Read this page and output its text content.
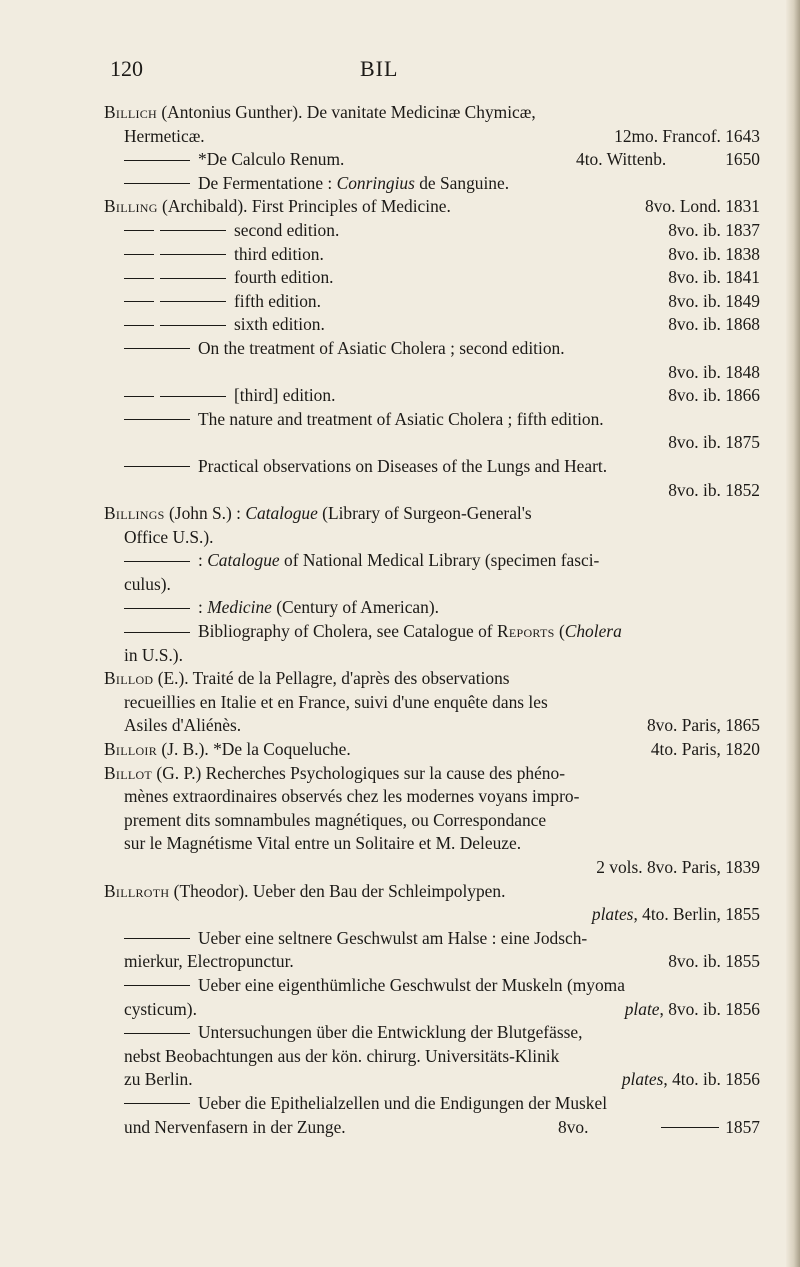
120	BIL
Billich (Antonius Gunther). De vanitate Medicinæ Chymicæ,
Hermeticæ.	12mo. Francof. 1643
*De Calculo Renum.	4to. Wittenb.	1650
De Fermentatione : Conringius de Sanguine.
Billing (Archibald). First Principles of Medicine.	8vo. Lond. 1831
second edition.	8vo. ib. 1837
third edition.	8vo. ib. 1838
fourth edition.	8vo. ib. 1841
fifth edition.	8vo. ib. 1849
sixth edition.	8vo. ib. 1868
On the treatment of Asiatic Cholera ; second edition.
8vo. ib. 1848
[third] edition.	8vo. ib. 1866
The nature and treatment of Asiatic Cholera ; fifth edition.
8vo. ib. 1875
Practical observations on Diseases of the Lungs and Heart.
8vo. ib. 1852
Billings (John S.) : Catalogue (Library of Surgeon-General's
Office U.S.).
: Catalogue of National Medical Library (specimen fasci-
culus).
: Medicine (Century of American).
Bibliography of Cholera, see Catalogue of Reports (Cholera
in U.S.).
Billod (E.). Traité de la Pellagre, d'après des observations
recueillies en Italie et en France, suivi d'une enquête dans les
Asiles d'Aliénès.	8vo. Paris, 1865
Billoir (J. B.). *De la Coqueluche.	4to. Paris, 1820
Billot (G. P.) Recherches Psychologiques sur la cause des phéno-
mènes extraordinaires observés chez les modernes voyans impro-
prement dits somnambules magnétiques, ou Correspondance
sur le Magnétisme Vital entre un Solitaire et M. Deleuze.
2 vols. 8vo. Paris, 1839
Billroth (Theodor). Ueber den Bau der Schleimpolypen.
plates, 4to. Berlin, 1855
Ueber eine seltnere Geschwulst am Halse : eine Jodsch-
mierkur, Electropunctur.	8vo. ib. 1855
Ueber eine eigenthümliche Geschwulst der Muskeln (myoma
cysticum).	plate, 8vo. ib. 1856
Untersuchungen über die Entwicklung der Blutgefässe,
nebst Beobachtungen aus der kön. chirurg. Universitäts-Klinik
zu Berlin.	plates, 4to. ib. 1856
Ueber die Epithelialzellen und die Endigungen der Muskel
und Nervenfasern in der Zunge.	8vo.	1857
